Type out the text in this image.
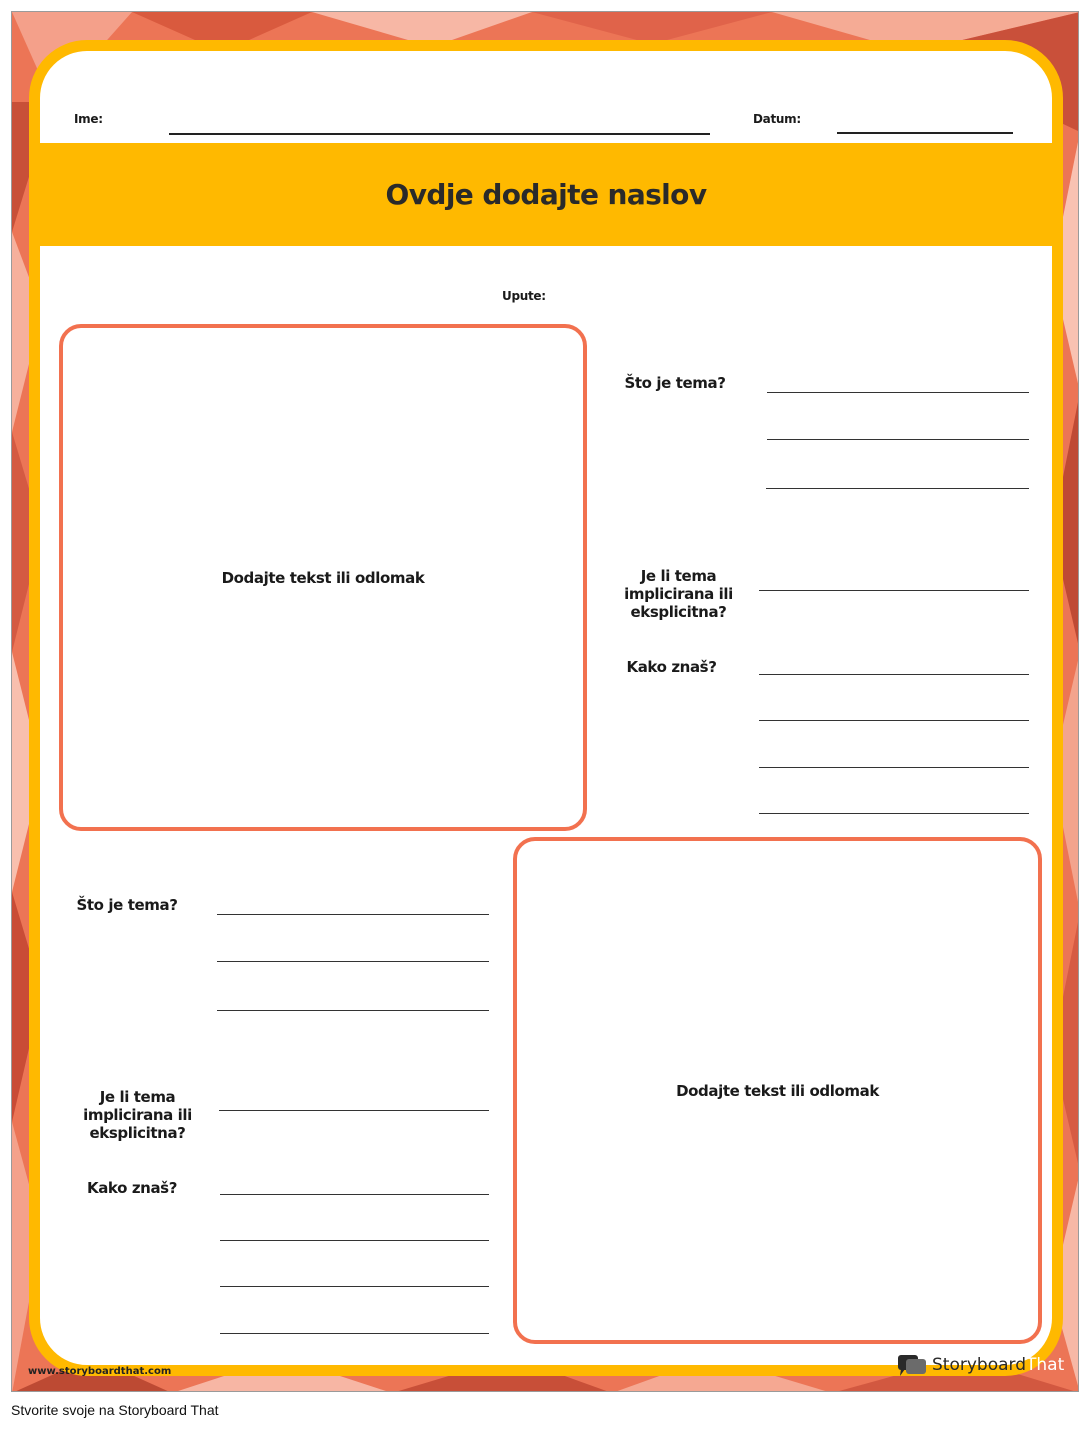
Ime:	Datum:
Ovdje dodajte naslov
Upute:
Dodajte tekst ili odlomak
Što je tema?
Je li tema implicirana ili eksplicitna?
Kako znaš?
Što je tema?
Je li tema implicirana ili eksplicitna?
Kako znaš?
Dodajte tekst ili odlomak
www.storyboardthat.com	Storyboard That
Stvorite svoje na Storyboard That
